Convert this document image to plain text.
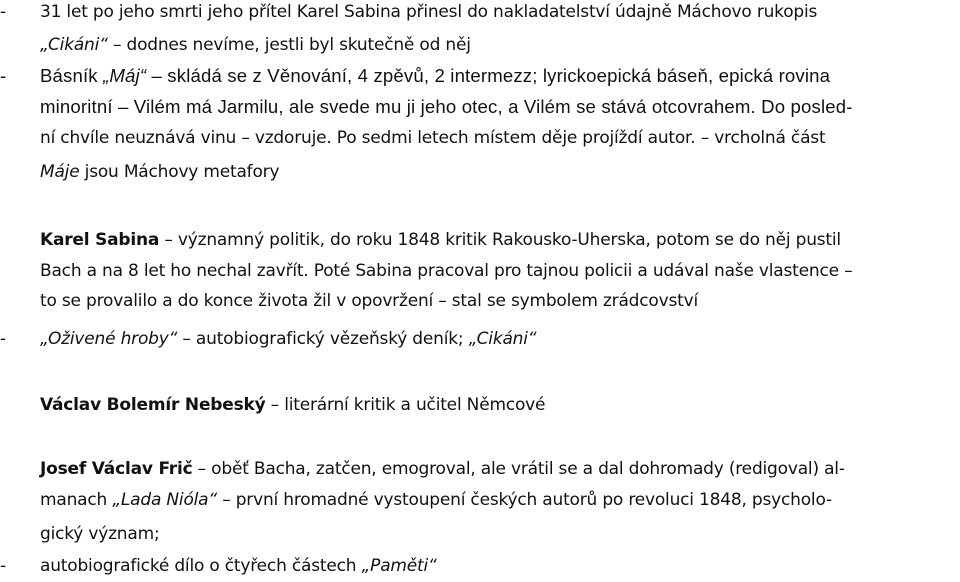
- 31 let po jeho smrti jeho přítel Karel Sabina přinesl do nakladatelství údajně Máchovo rukopis
„Cikáni“ – dodnes nevíme, jestli byl skutečně od něj
- Básník „Máj“ – skládá se z Věnování, 4 zpěvů, 2 intermezz; lyrickoepická báseň, epická rovina
minoritní – Vilém má Jarmilu, ale svede mu ji jeho otec, a Vilém se stává otcovrahem. Do posled-
ní chvíle neuznává vinu – vzdoruje. Po sedmi letech místem děje projíždí autor. – vrcholná část
Máje jsou Máchovy metafory
Karel Sabina – významný politik, do roku 1848 kritik Rakousko-Uherska, potom se do něj pustil
Bach a na 8 let ho nechal zavřít. Poté Sabina pracoval pro tajnou policii a udával naše vlastence –
to se provalilo a do konce života žil v opovržení – stal se symbolem zrádcovství
- „Oživené hroby“ – autobiografický vězeňský deník; „Cikáni“
Václav Bolemír Nebeský – literární kritik a učitel Němcové
Josef Václav Frič – oběť Bacha, zatčen, emogroval, ale vrátil se a dal dohromady (redigoval) al-
manach „Lada Nióla“ – první hromadné vystoupení českých autorů po revoluci 1848, psycholo-
gický význam;
- autobiografické dílo o čtyřech částech „Paměti“
